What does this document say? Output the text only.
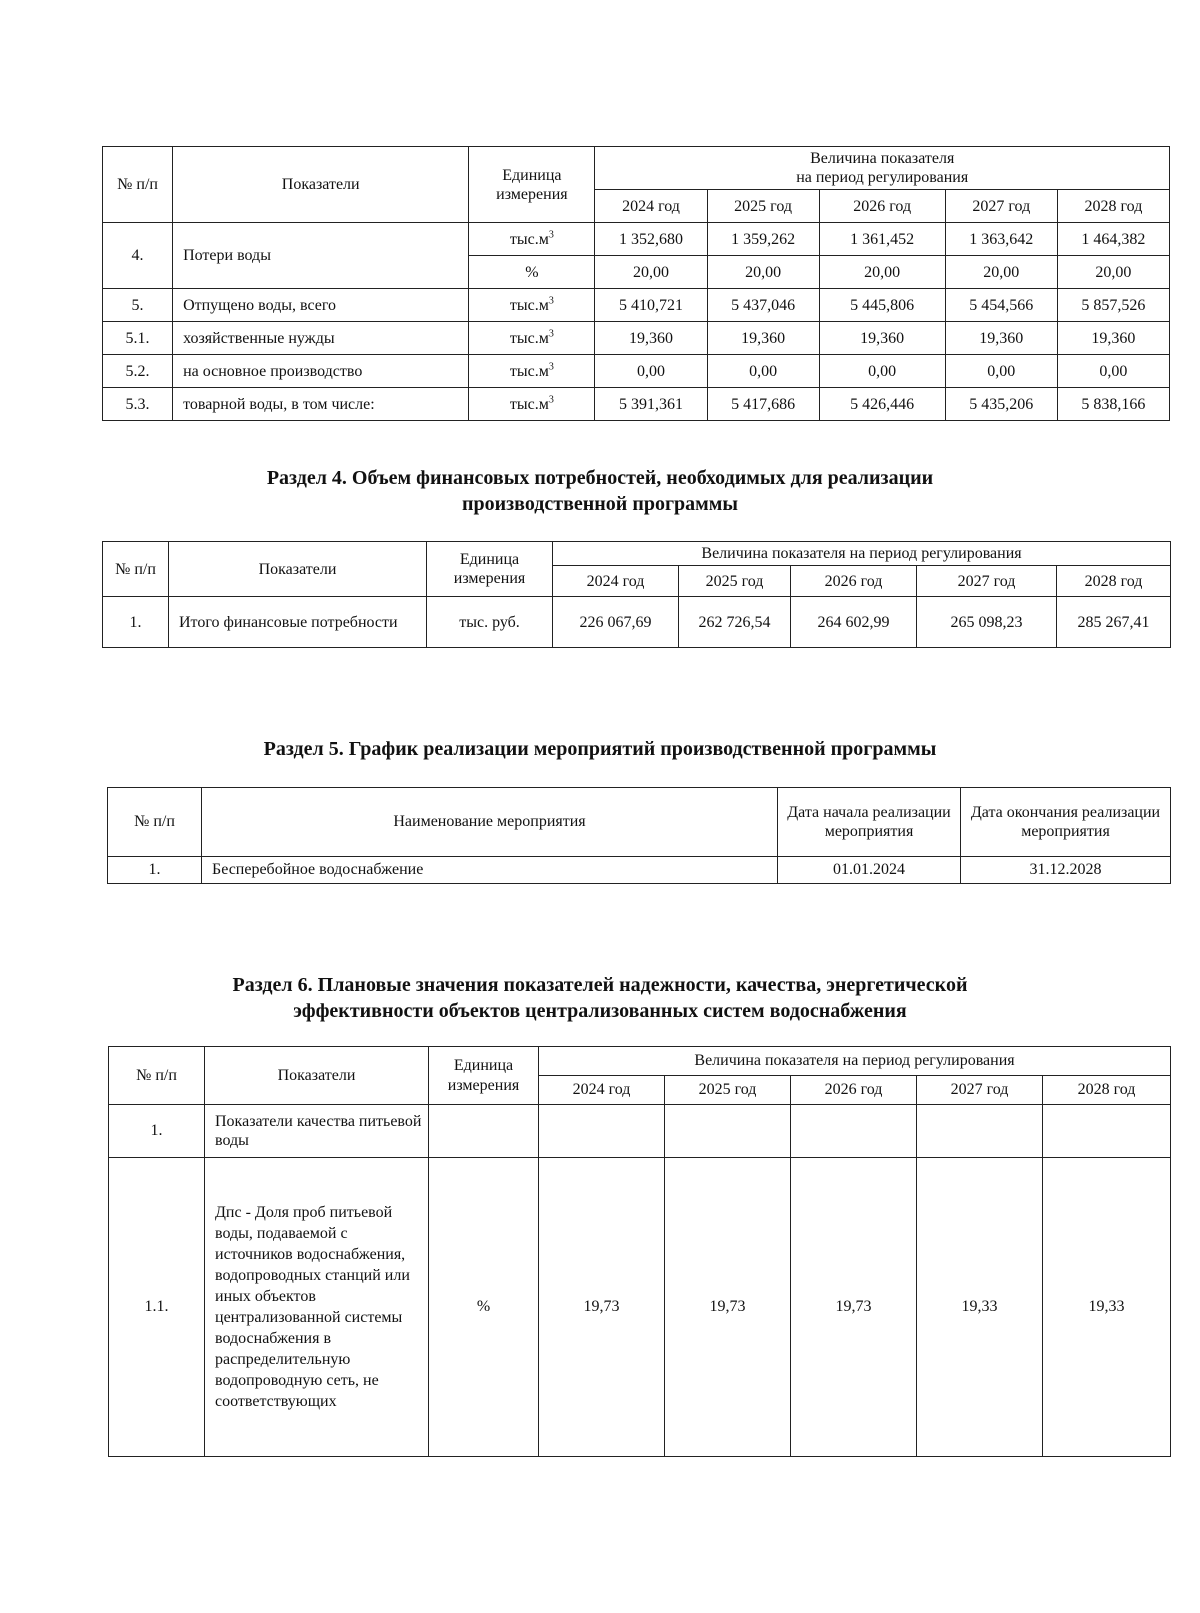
№ п/п	Показатели	Единица измерения	Величина показателя
на период регулирования				

			2024 год	2025 год	2026 год	2027 год	2028 год
4.	Потери воды	$тыс.м^3$	1 352,680	1 359,262	1 361,452	1 363,642	1 464,382
		%	20,00	20,00	20,00	20,00	20,00
5.	Отпущено воды, всего	$тыс.м^3$	5 410,721	5 437,046	5 445,806	5 454,566	5 857,526
5.1.	хозяйственные нужды	$тыс.м^3$	19,360	19,360	19,360	19,360	19,360
5.2.	на основное производство	$тыс.м^3$	0,00	0,00	0,00	0,00	0,00
5.3.	товарной воды, в том числе:	$тыс.м^3$	5 391,361	5 417,686	5 426,446	5 435,206	5 838,166
Раздел 4. Объем финансовых потребностей, необходимых для реализации
производственной программы
№ п/п	Показатели	Единица измерения	Величина показателя на период регулирования				
			2024 год	2025 год	2026 год	2027 год	2028 год
1.	Итого финансовые потребности	тыс. руб.	226 067,69	262 726,54	264 602,99	265 098,23	285 267,41
Раздел 5. График реализации мероприятий производственной программы
№ п/п	Наименование мероприятия	Дата начала реализации мероприятия	Дата окончания реализации мероприятия
1.	Бесперебойное водоснабжение	01.01.2024	31.12.2028
Раздел 6. Плановые значения показателей надежности, качества, энергетической
эффективности объектов централизованных систем водоснабжения
№ п/п	Показатели	Единица измерения	Величина показателя на период регулирования				
			2024 год	2025 год	2026 год	2027 год	2028 год
1.	Показатели качества питьевой воды						
1.1.	Дпс - Доля проб питьевой воды, подаваемой с источников водоснабжения, водопроводных станций или иных объектов централизованной системы водоснабжения в распределительную водопроводную сеть, не соответствующих	%	19,73	19,73	19,73	19,33	19,33
